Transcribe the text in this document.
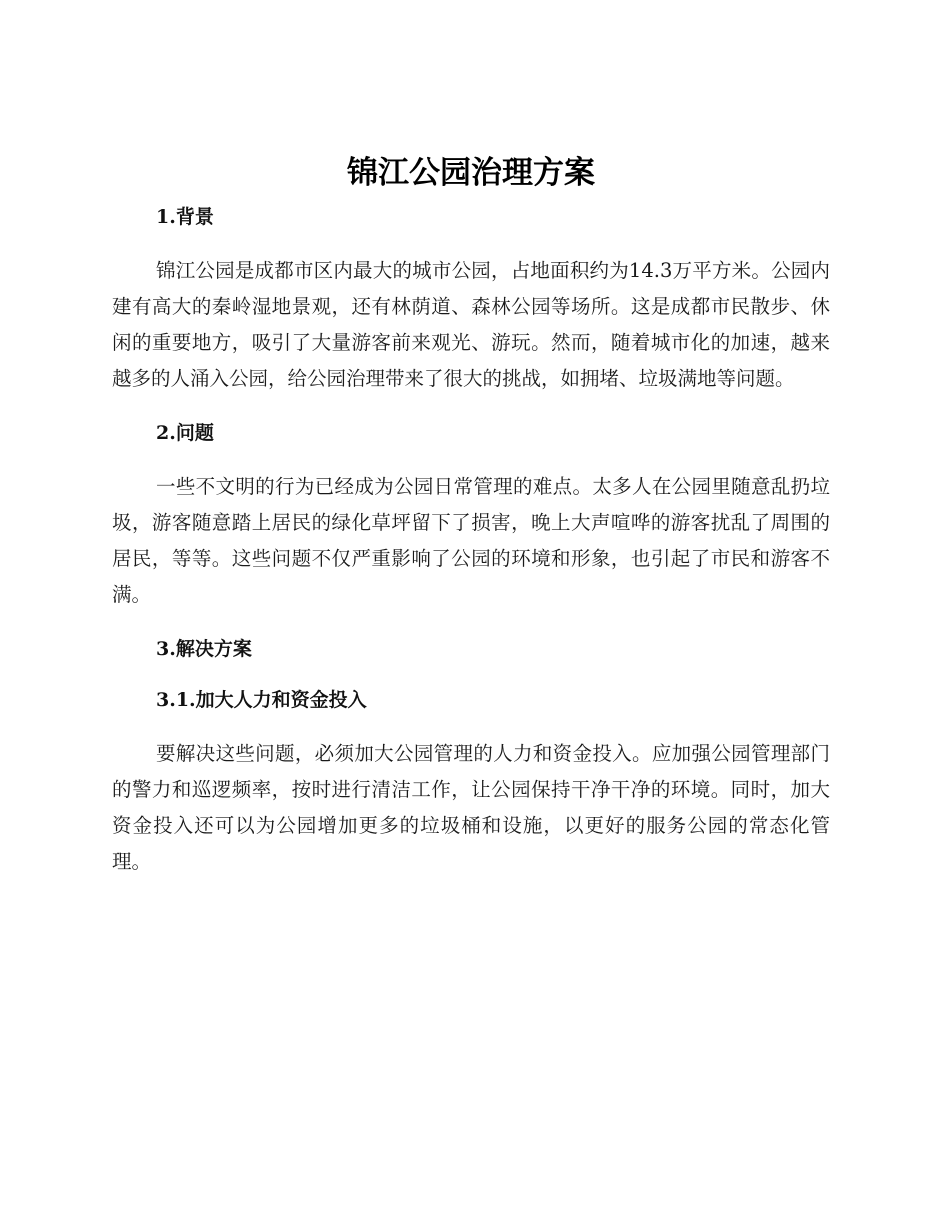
锦江公园治理方案
1.背景

锦江公园是成都市区内最大的城市公园，占地面积约为14.3万平方米。公园内建有高大的秦岭湿地景观，还有林荫道、森林公园等场所。这是成都市民散步、休闲的重要地方，吸引了大量游客前来观光、游玩。然而，随着城市化的加速，越来越多的人涌入公园，给公园治理带来了很大的挑战，如拥堵、垃圾满地等问题。

2.问题

一些不文明的行为已经成为公园日常管理的难点。太多人在公园里随意乱扔垃圾，游客随意踏上居民的绿化草坪留下了损害，晚上大声喧哗的游客扰乱了周围的居民，等等。这些问题不仅严重影响了公园的环境和形象，也引起了市民和游客不满。

3.解决方案
3.1.加大人力和资金投入

要解决这些问题，必须加大公园管理的人力和资金投入。应加强公园管理部门的警力和巡逻频率，按时进行清洁工作，让公园保持干净干净的环境。同时，加大资金投入还可以为公园增加更多的垃圾桶和设施，以更好的服务公园的常态化管理。
